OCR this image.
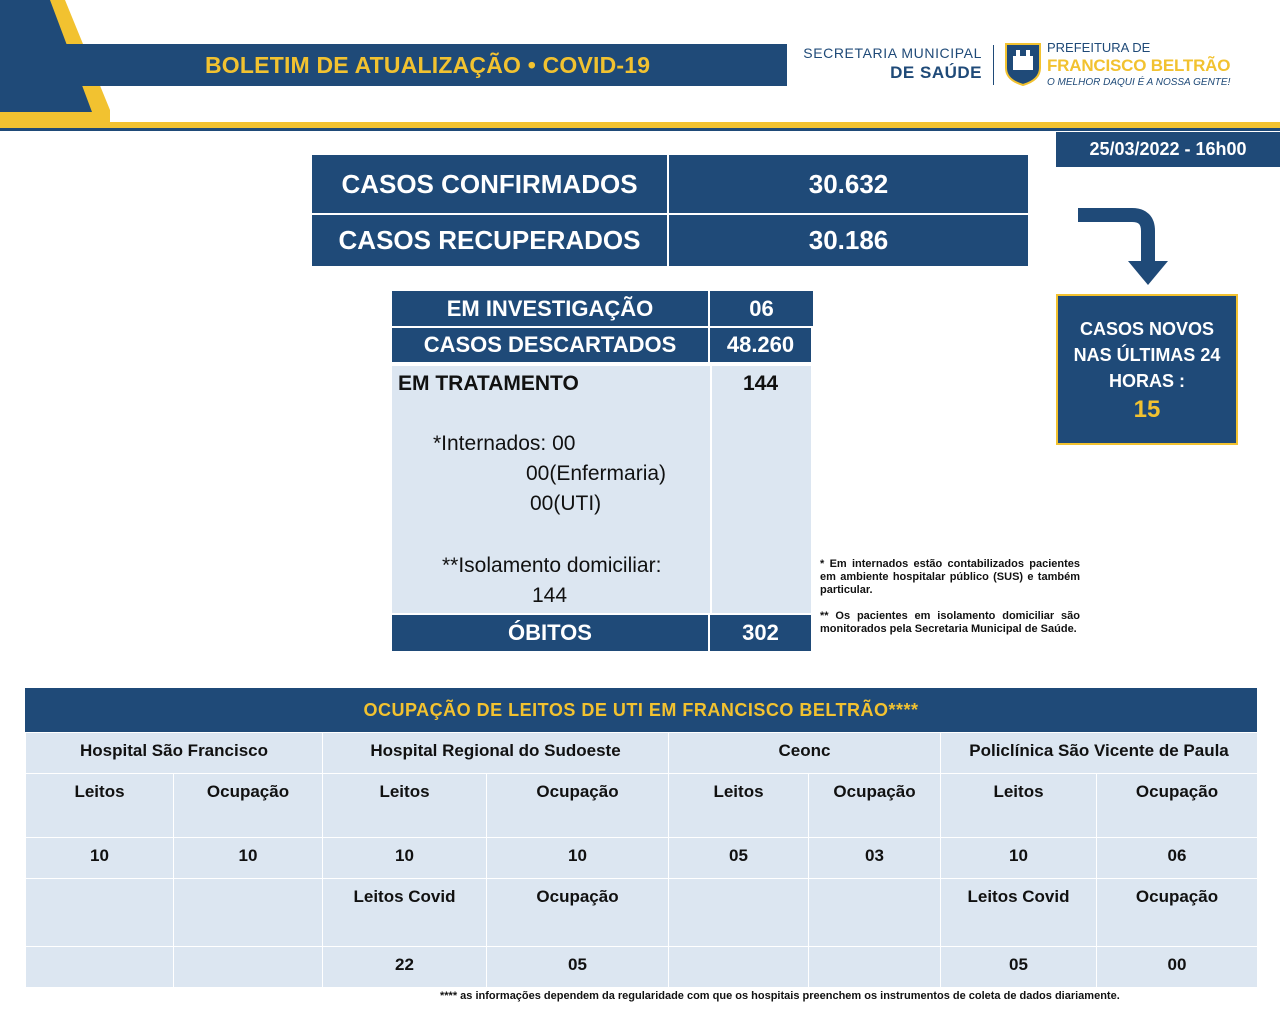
BOLETIM DE ATUALIZAÇÃO • COVID-19	SECRETARIA MUNICIPAL
DE SAÚDE
PREFEITURA DE
FRANCISCO BELTRÃO
O MELHOR DAQUI É A NOSSA GENTE!
25/03/2022 - 16h00
CASOS CONFIRMADOS	30.632
CASOS RECUPERADOS	30.186
EM INVESTIGAÇÃO	06
CASOS DESCARTADOS	48.260
EM TRATAMENTO	144
*Internados: 00
00(Enfermaria)
00(UTI)
**Isolamento domiciliar:
144
ÓBITOS	302
CASOS NOVOS
NAS ÚLTIMAS 24
HORAS :
15
* Em internados estão contabilizados pacientes em ambiente hospitalar público (SUS) e também particular.
** Os pacientes em isolamento domiciliar são monitorados pela Secretaria Municipal de Saúde.
OCUPAÇÃO DE LEITOS DE UTI EM FRANCISCO BELTRÃO****
Hospital São Francisco		Hospital Regional do Sudoeste		Ceonc		Policlínica São Vicente de Paula	
Leitos	Ocupação	Leitos	Ocupação	Leitos	Ocupação	Leitos	Ocupação
10	10	10	10	05	03	10	06
		Leitos Covid	Ocupação			Leitos Covid	Ocupação
		22	05			05	00
**** as informações dependem da regularidade com que os hospitais preenchem os instrumentos de coleta de dados diariamente.
